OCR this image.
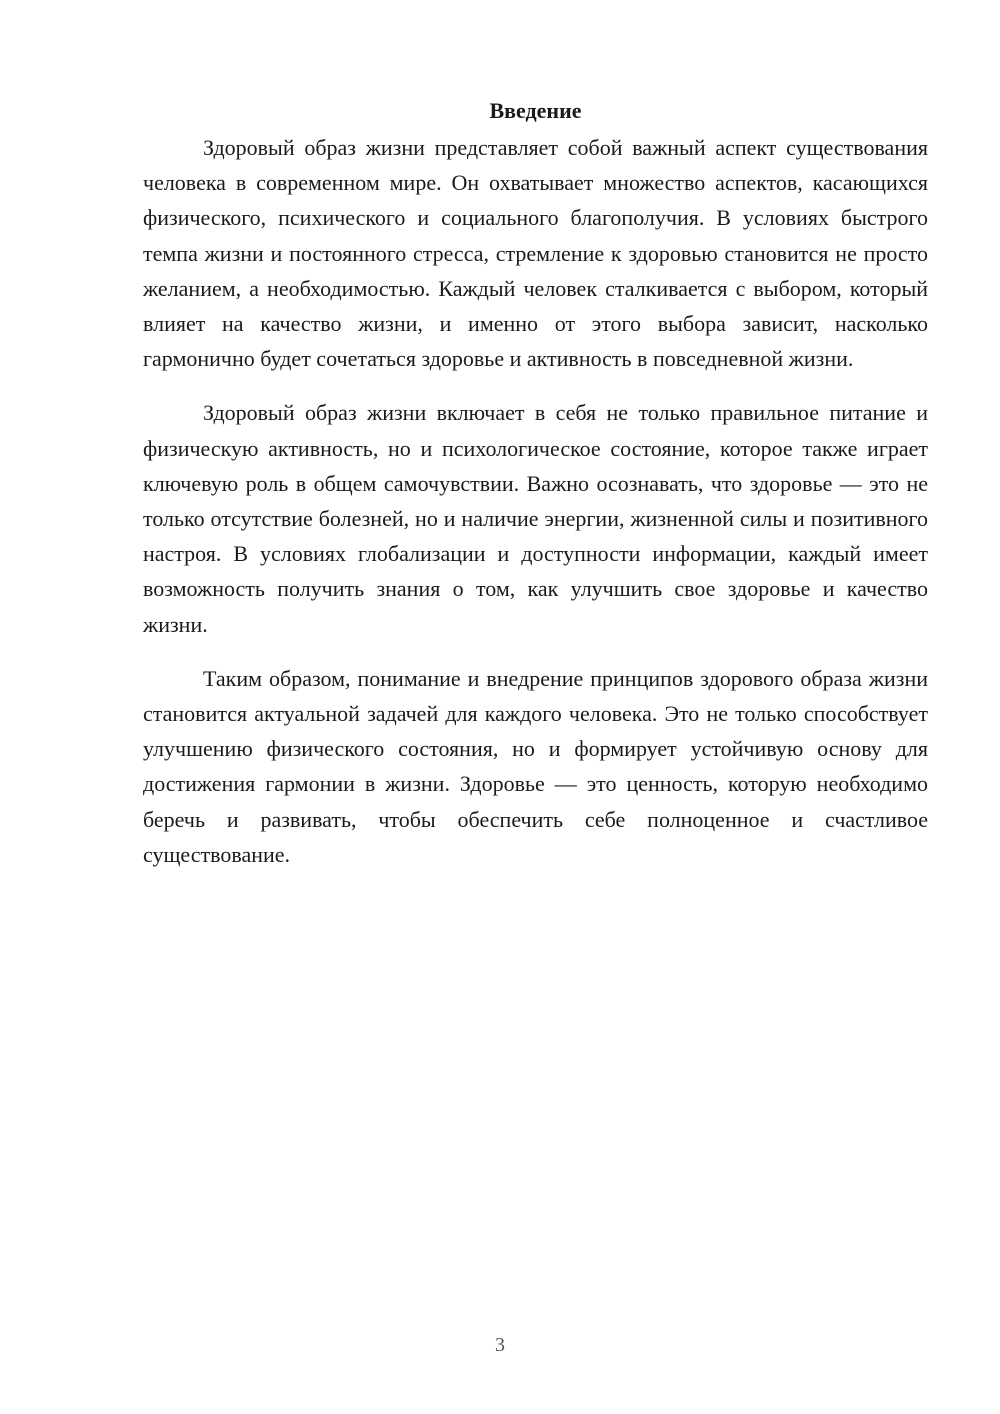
Введение

Здоровый образ жизни представляет собой важный аспект существования человека в современном мире. Он охватывает множество аспектов, касающихся физического, психического и социального благополучия. В условиях быстрого темпа жизни и постоянного стресса, стремление к здоровью становится не просто желанием, а необходимостью. Каждый человек сталкивается с выбором, который влияет на качество жизни, и именно от этого выбора зависит, насколько гармонично будет сочетаться здоровье и активность в повседневной жизни.

Здоровый образ жизни включает в себя не только правильное питание и физическую активность, но и психологическое состояние, которое также играет ключевую роль в общем самочувствии. Важно осознавать, что здоровье — это не только отсутствие болезней, но и наличие энергии, жизненной силы и позитивного настроя. В условиях глобализации и доступности информации, каждый имеет возможность получить знания о том, как улучшить свое здоровье и качество жизни.

Таким образом, понимание и внедрение принципов здорового образа жизни становится актуальной задачей для каждого человека. Это не только способствует улучшению физического состояния, но и формирует устойчивую основу для достижения гармонии в жизни. Здоровье — это ценность, которую необходимо беречь и развивать, чтобы обеспечить себе полноценное и счастливое существование.

3
